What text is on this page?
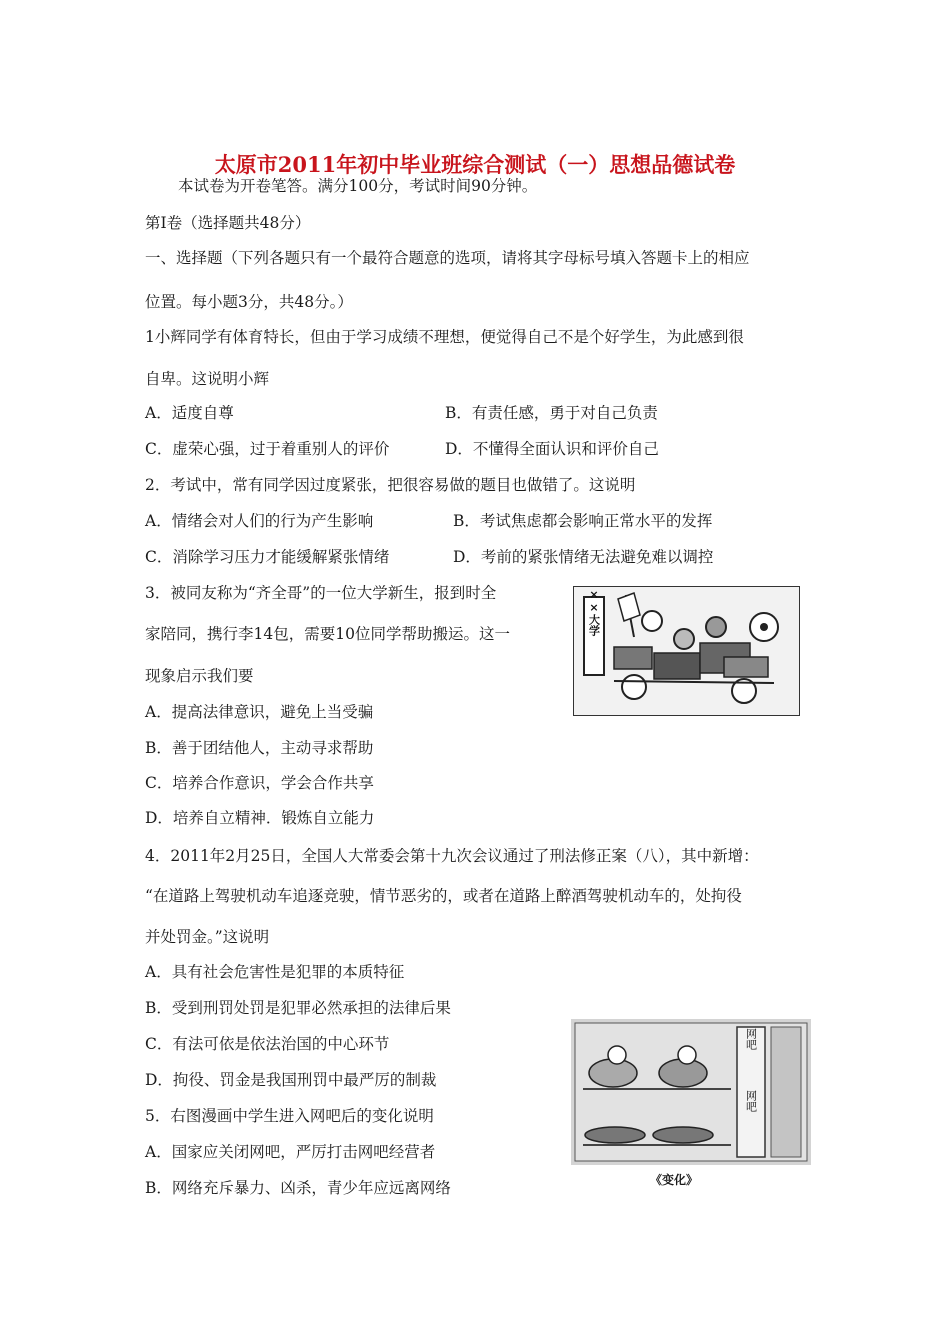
太原市2011年初中毕业班综合测试（一）思想品德试卷
本试卷为开卷笔答。满分100分，考试时间90分钟。
第Ⅰ卷（选择题共48分）
一、选择题（下列各题只有一个最符合题意的选项，请将其字母标号填入答题卡上的相应
位置。每小题3分，共48分。）
1小辉同学有体育特长，但由于学习成绩不理想，便觉得自己不是个好学生，为此感到很
自卑。这说明小辉
A．适度自尊	B．有责任感，勇于对自己负责
C．虚荣心强，过于着重别人的评价	D．不懂得全面认识和评价自己
2．考试中，常有同学因过度紧张，把很容易做的题目也做错了。这说明
A．情绪会对人们的行为产生影响	B．考试焦虑都会影响正常水平的发挥
C．消除学习压力才能缓解紧张情绪	D．考前的紧张情绪无法避免难以调控
3．被同友称为“齐全哥”的一位大学新生，报到时全
家陪同，携行李14包，需要10位同学帮助搬运。这一
现象启示我们要
A．提高法律意识，避免上当受骗
B．善于团结他人，主动寻求帮助
C．培养合作意识，学会合作共享
D．培养自立精神．锻炼自立能力
××大学
4．2011年2月25日，全国人大常委会第十九次会议通过了刑法修正案（八），其中新增：
“在道路上驾驶机动车追逐竞驶，情节恶劣的，或者在道路上醉酒驾驶机动车的，处拘役
并处罚金。”这说明
A．具有社会危害性是犯罪的本质特征
B．受到刑罚处罚是犯罪必然承担的法律后果
C．有法可依是依法治国的中心环节
D．拘役、罚金是我国刑罚中最严厉的制裁
5．右图漫画中学生进入网吧后的变化说明
A．国家应关闭网吧，严厉打击网吧经营者
B．网络充斥暴力、凶杀，青少年应远离网络
网吧
网吧
《变化》
